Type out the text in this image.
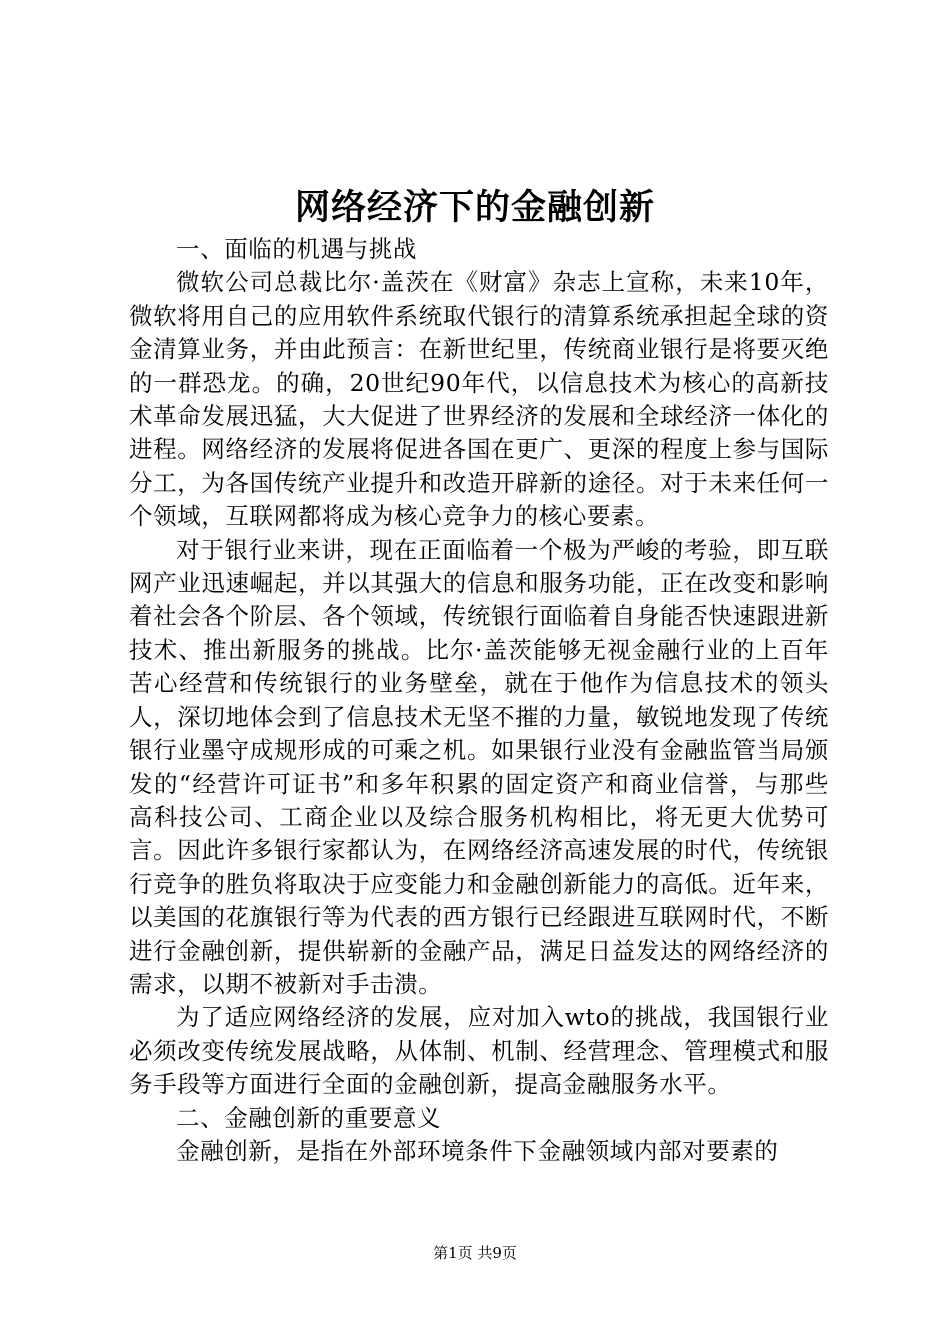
网络经济下的金融创新
一、面临的机遇与挑战

微软公司总裁比尔·盖茨在《财富》杂志上宣称，未来10年，微软将用自己的应用软件系统取代银行的清算系统承担起全球的资金清算业务，并由此预言：在新世纪里，传统商业银行是将要灭绝的一群恐龙。的确，20世纪90年代，以信息技术为核心的高新技术革命发展迅猛，大大促进了世界经济的发展和全球经济一体化的进程。网络经济的发展将促进各国在更广、更深的程度上参与国际分工，为各国传统产业提升和改造开辟新的途径。对于未来任何一个领域，互联网都将成为核心竞争力的核心要素。

对于银行业来讲，现在正面临着一个极为严峻的考验，即互联网产业迅速崛起，并以其强大的信息和服务功能，正在改变和影响着社会各个阶层、各个领域，传统银行面临着自身能否快速跟进新技术、推出新服务的挑战。比尔·盖茨能够无视金融行业的上百年苦心经营和传统银行的业务壁垒，就在于他作为信息技术的领头人，深切地体会到了信息技术无坚不摧的力量，敏锐地发现了传统银行业墨守成规形成的可乘之机。如果银行业没有金融监管当局颁发的“经营许可证书”和多年积累的固定资产和商业信誉，与那些高科技公司、工商企业以及综合服务机构相比，将无更大优势可言。因此许多银行家都认为，在网络经济高速发展的时代，传统银行竞争的胜负将取决于应变能力和金融创新能力的高低。近年来，以美国的花旗银行等为代表的西方银行已经跟进互联网时代，不断进行金融创新，提供崭新的金融产品，满足日益发达的网络经济的需求，以期不被新对手击溃。

为了适应网络经济的发展，应对加入wto的挑战，我国银行业必须改变传统发展战略，从体制、机制、经营理念、管理模式和服务手段等方面进行全面的金融创新，提高金融服务水平。

二、金融创新的重要意义

金融创新，是指在外部环境条件下金融领域内部对要素的

第1页 共9页
